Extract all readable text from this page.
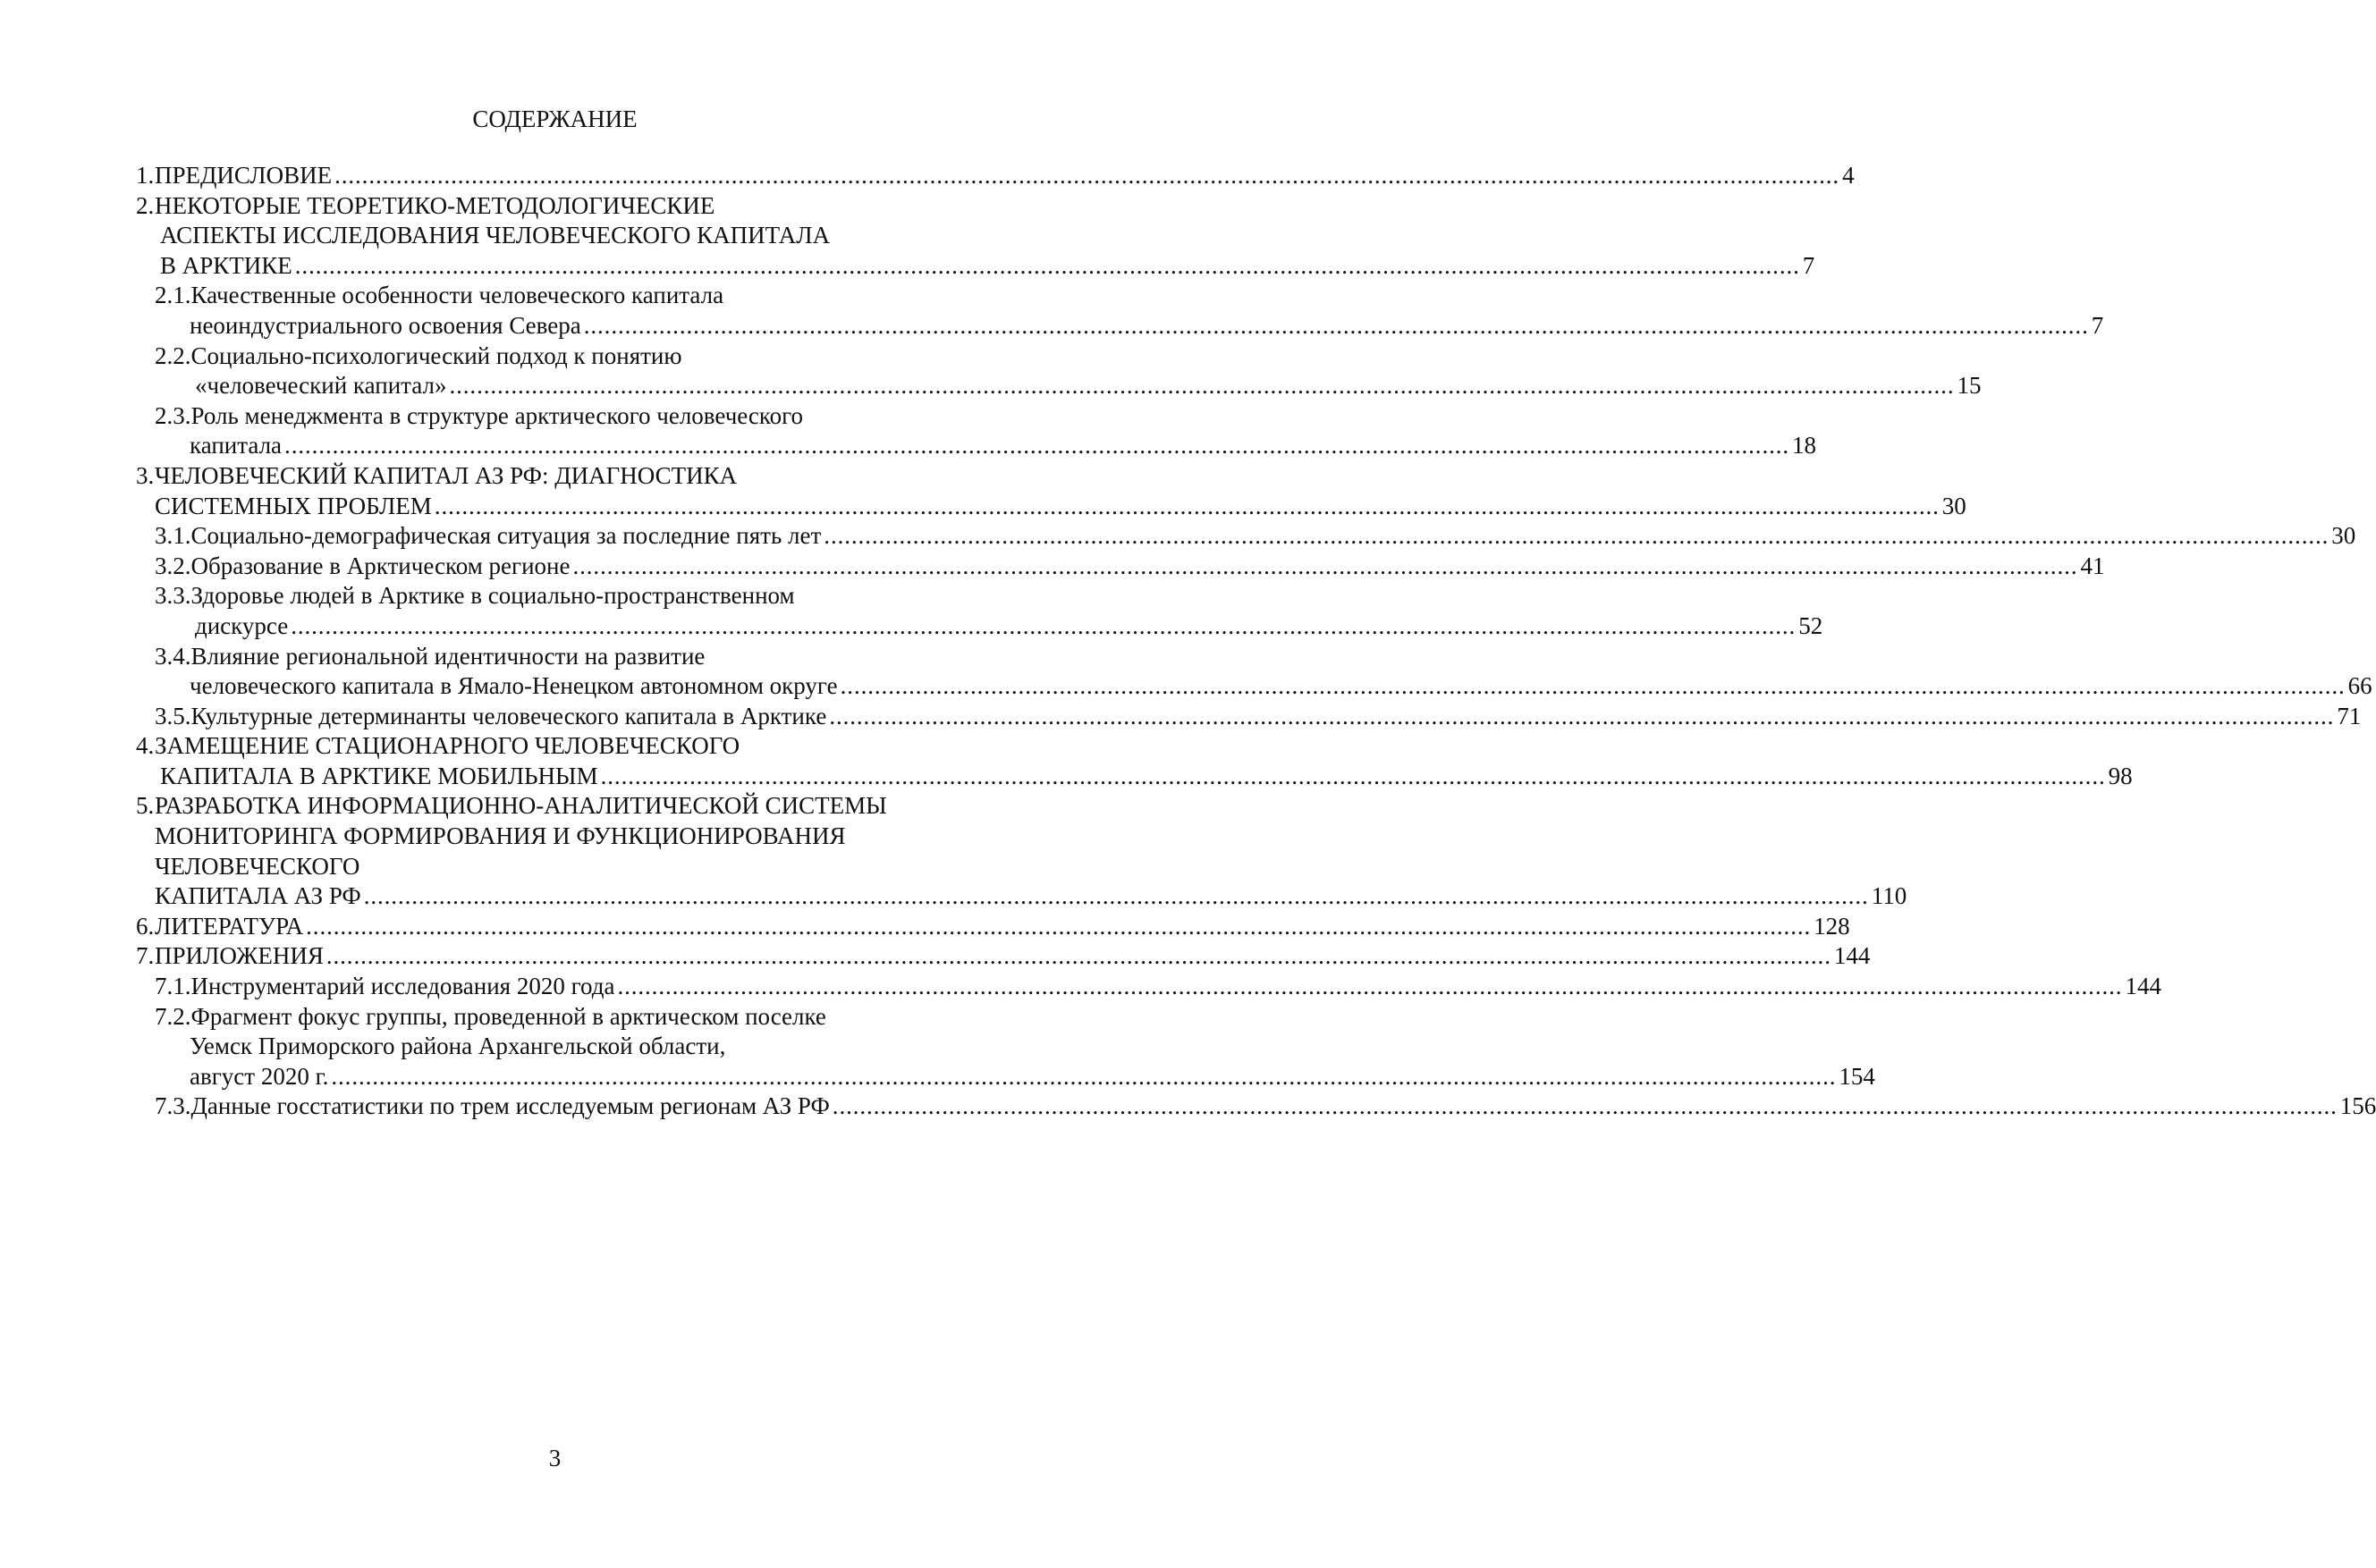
СОДЕРЖАНИЕ
1. ПРЕДИСЛОВИЕ ............................................................................................................................................................................................................................ 4
2. НЕКОТОРЫЕ ТЕОРЕТИКО-МЕТОДОЛОГИЧЕСКИЕ
АСПЕКТЫ ИССЛЕДОВАНИЯ ЧЕЛОВЕЧЕСКОГО КАПИТАЛА
В АРКТИКЕ ............................................................................................................................................................................................................................ 7
2.1.Качественные особенности человеческого капитала
неоиндустриального освоения Севера ............................................................................................................................................................................................................................ 7
2.2.Социально-психологический подход к понятию
«человеческий капитал» ............................................................................................................................................................................................................................ 15
2.3.Роль менеджмента в структуре арктического человеческого
капитала ............................................................................................................................................................................................................................ 18
3. ЧЕЛОВЕЧЕСКИЙ КАПИТАЛ АЗ РФ: ДИАГНОСТИКА
СИСТЕМНЫХ ПРОБЛЕМ ............................................................................................................................................................................................................................ 30
3.1.Социально-демографическая ситуация за последние пять лет ............................................................................................................................................................................................................................ 30
3.2.Образование в Арктическом регионе ............................................................................................................................................................................................................................ 41
3.3.Здоровье людей в Арктике в социально-пространственном
дискурсе ............................................................................................................................................................................................................................ 52
3.4.Влияние региональной идентичности на развитие
человеческого капитала в Ямало-Ненецком автономном округе ............................................................................................................................................................................................................................ 66
3.5.Культурные детерминанты человеческого капитала в Арктике ............................................................................................................................................................................................................................ 71
4. ЗАМЕЩЕНИЕ СТАЦИОНАРНОГО ЧЕЛОВЕЧЕСКОГО
КАПИТАЛА В АРКТИКЕ МОБИЛЬНЫМ ............................................................................................................................................................................................................................ 98
5. РАЗРАБОТКА ИНФОРМАЦИОННО-АНАЛИТИЧЕСКОЙ СИСТЕМЫ
МОНИТОРИНГА ФОРМИРОВАНИЯ И ФУНКЦИОНИРОВАНИЯ
ЧЕЛОВЕЧЕСКОГО
КАПИТАЛА АЗ РФ ............................................................................................................................................................................................................................ 110
6. ЛИТЕРАТУРА ............................................................................................................................................................................................................................ 128
7. ПРИЛОЖЕНИЯ ............................................................................................................................................................................................................................ 144
7.1.Инструментарий исследования 2020 года ............................................................................................................................................................................................................................ 144
7.2.Фрагмент фокус группы, проведенной в арктическом поселке
Уемск Приморского района Архангельской области,
август 2020 г. ............................................................................................................................................................................................................................ 154
7.3.Данные госстатистики по трем исследуемым регионам АЗ РФ ............................................................................................................................................................................................................................ 156
3
